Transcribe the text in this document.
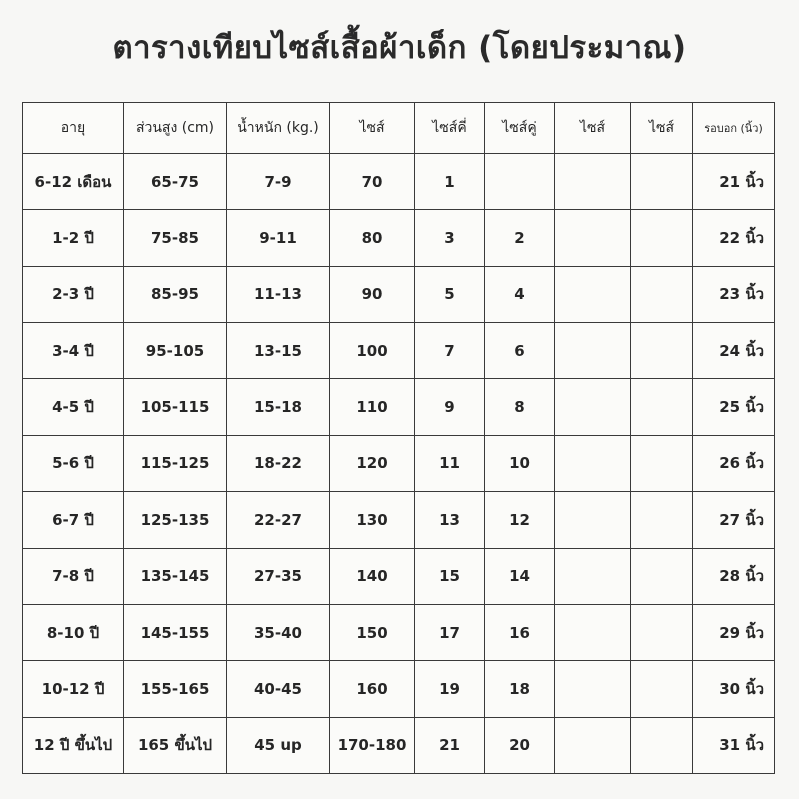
ตารางเทียบไซส์เสื้อผ้าเด็ก (โดยประมาณ)
อายุ	ส่วนสูง (cm)	น้ำหนัก (kg.)	ไซส์	ไซส์คี่	ไซส์คู่	ไซส์	ไซส์	รอบอก (นิ้ว)
6-12 เดือน	65-75	7-9	70	1				21 นิ้ว
1-2 ปี	75-85	9-11	80	3	2			22 นิ้ว
2-3 ปี	85-95	11-13	90	5	4			23 นิ้ว
3-4 ปี	95-105	13-15	100	7	6			24 นิ้ว
4-5 ปี	105-115	15-18	110	9	8			25 นิ้ว
5-6 ปี	115-125	18-22	120	11	10			26 นิ้ว
6-7 ปี	125-135	22-27	130	13	12			27 นิ้ว
7-8 ปี	135-145	27-35	140	15	14			28 นิ้ว
8-10 ปี	145-155	35-40	150	17	16			29 นิ้ว
10-12 ปี	155-165	40-45	160	19	18			30 นิ้ว
12 ปี ขึ้นไป	165 ขึ้นไป	45 up	170-180	21	20			31 นิ้ว
